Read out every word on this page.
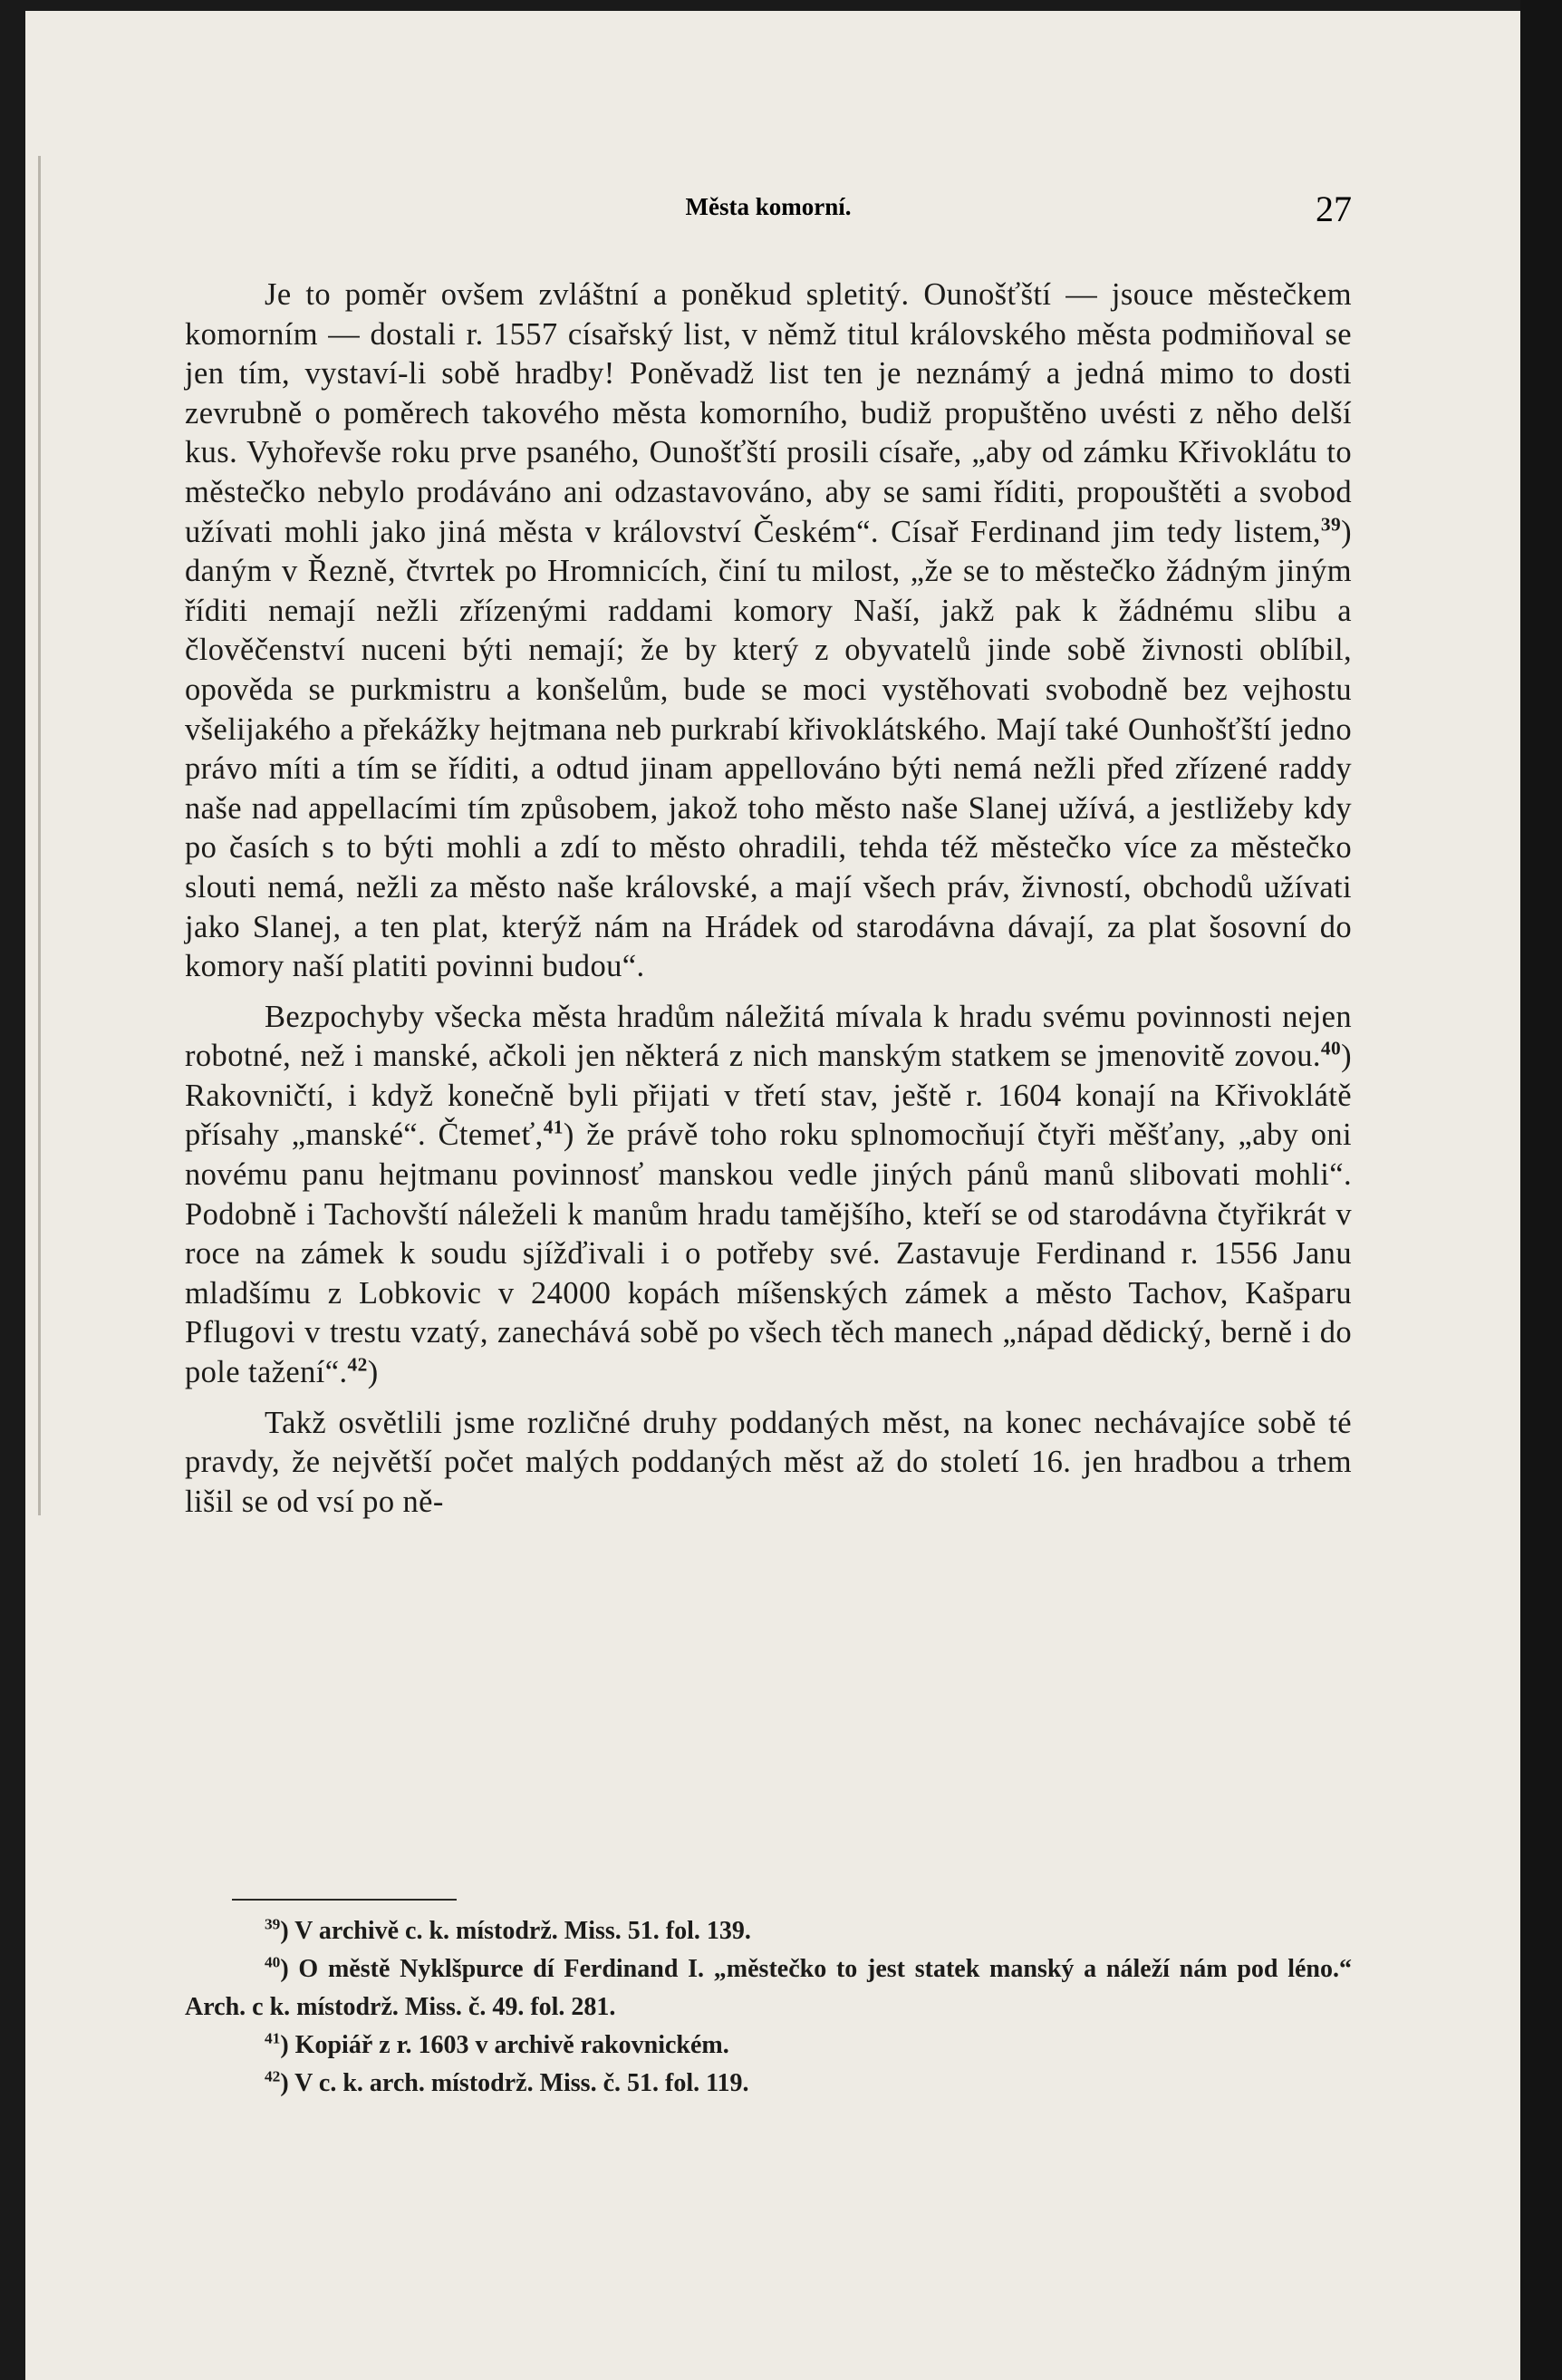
Města komorní.	27

Je to poměr ovšem zvláštní a poněkud spletitý. Ounošťští — jsouce městečkem komorním — dostali r. 1557 císařský list, v němž titul královského města podmiňoval se jen tím, vystaví-li sobě hradby! Poněvadž list ten je neznámý a jedná mimo to dosti zevrubně o poměrech takového města komorního, budiž propuštěno uvésti z něho delší kus. Vyhořevše roku prve psaného, Ounošťští prosili císaře, „aby od zámku Křivoklátu to městečko nebylo prodáváno ani odzastavováno, aby se sami říditi, propouštěti a svobod užívati mohli jako jiná města v království Českém“. Císař Ferdinand jim tedy listem,$^{39}$) daným v Řezně, čtvrtek po Hromnicích, činí tu milost, „že se to městečko žádným jiným říditi nemají nežli zřízenými raddami komory Naší, jakž pak k žádnému slibu a člověčenství nuceni býti nemají; že by který z obyvatelů jinde sobě živnosti oblíbil, opověda se purkmistru a konšelům, bude se moci vystěhovati svobodně bez vejhostu všelijakého a překážky hejtmana neb purkrabí křivoklátského. Mají také Ounhošťští jedno právo míti a tím se říditi, a odtud jinam appellováno býti nemá nežli před zřízené raddy naše nad appellacími tím způsobem, jakož toho město naše Slanej užívá, a jestližeby kdy po časích s to býti mohli a zdí to město ohradili, tehda též městečko více za městečko slouti nemá, nežli za město naše královské, a mají všech práv, živností, obchodů užívati jako Slanej, a ten plat, kterýž nám na Hrádek od starodávna dávají, za plat šosovní do komory naší platiti povinni budou“.

Bezpochyby všecka města hradům náležitá mívala k hradu svému povinnosti nejen robotné, než i manské, ačkoli jen některá z nich manským statkem se jmenovitě zovou.$^{40}$) Rakovničtí, i když konečně byli přijati v třetí stav, ještě r. 1604 konají na Křivoklátě přísahy „manské“. Čtemeť,$^{41}$) že právě toho roku splnomocňují čtyři měšťany, „aby oni novému panu hejtmanu povinnosť manskou vedle jiných pánů manů slibovati mohli“. Podobně i Tachovští náleželi k manům hradu tamějšího, kteří se od starodávna čtyřikrát v roce na zámek k soudu sjížďivali i o potřeby své. Zastavuje Ferdinand r. 1556 Janu mladšímu z Lobkovic v 24000 kopách míšenských zámek a město Tachov, Kašparu Pflugovi v trestu vzatý, zanechává sobě po všech těch manech „nápad dědický, berně i do pole tažení“.$^{42}$)

Takž osvětlili jsme rozličné druhy poddaných měst, na konec nechávajíce sobě té pravdy, že největší počet malých poddaných měst až do století 16. jen hradbou a trhem lišil se od vsí po ně-

$^{39}$) V archivě c. k. místodrž. Miss. 51. fol. 139.

$^{40}$) O městě Nyklšpurce dí Ferdinand I. „městečko to jest statek manský a náleží nám pod léno.“ Arch. c k. místodrž. Miss. č. 49. fol. 281.

$^{41}$) Kopiář z r. 1603 v archivě rakovnickém.

$^{42}$) V c. k. arch. místodrž. Miss. č. 51. fol. 119.
